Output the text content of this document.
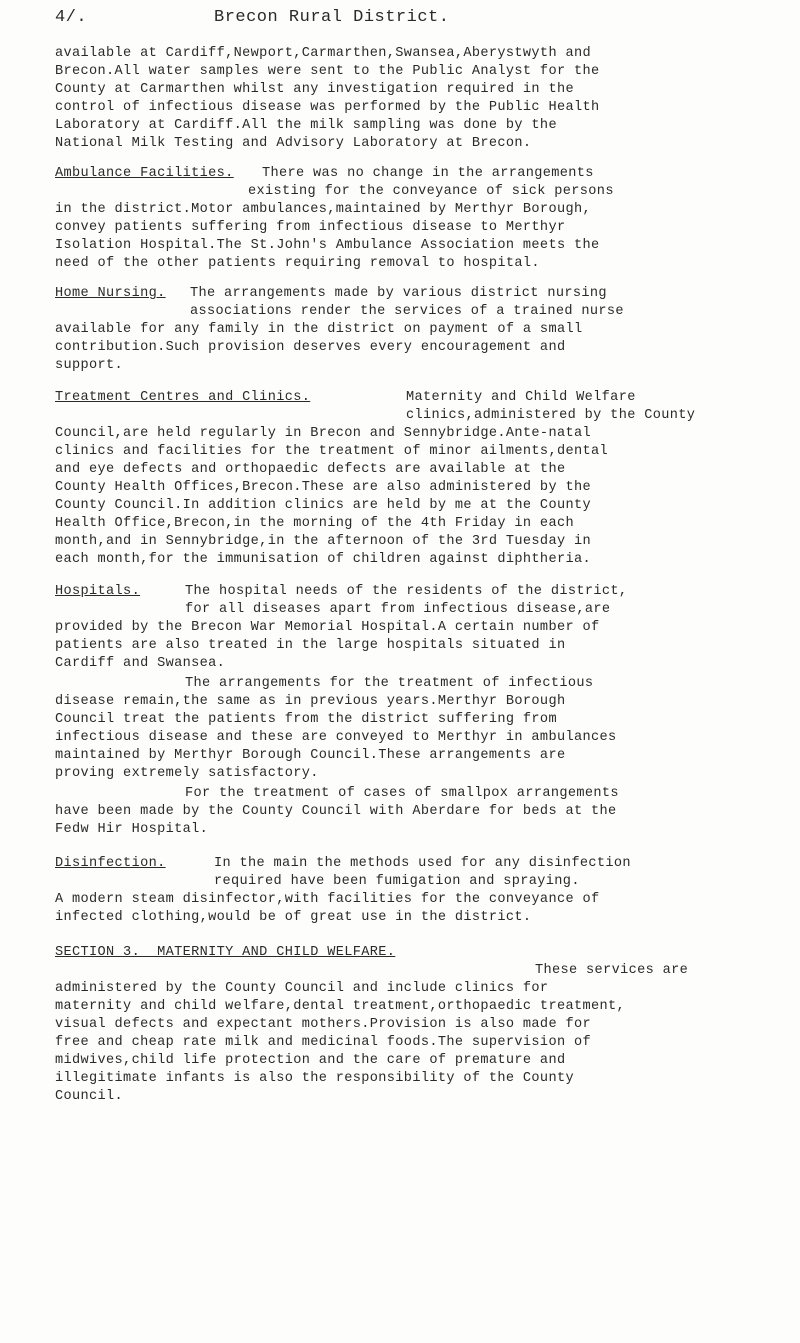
4/.	Brecon Rural District.
available at Cardiff,Newport,Carmarthen,Swansea,Aberystwyth and
Brecon.All water samples were sent to the Public Analyst for the
County at Carmarthen whilst any investigation required in the
control of infectious disease was performed by the Public Health
Laboratory at Cardiff.All the milk sampling was done by the
National Milk Testing and Advisory Laboratory at Brecon.
Ambulance Facilities. There was no change in the arrangements
existing for the conveyance of sick persons
in the district.Motor ambulances,maintained by Merthyr Borough,
convey patients suffering from infectious disease to Merthyr
Isolation Hospital.The St.John's Ambulance Association meets the
need of the other patients requiring removal to hospital.
Home Nursing. The arrangements made by various district nursing
associations render the services of a trained nurse
available for any family in the district on payment of a small
contribution.Such provision deserves every encouragement and
support.
Treatment Centres and Clinics.	Maternity and Child Welfare
clinics,administered by the County
Council,are held regularly in Brecon and Sennybridge.Ante-natal
clinics and facilities for the treatment of minor ailments,dental
and eye defects and orthopaedic defects are available at the
County Health Offices,Brecon.These are also administered by the
County Council.In addition clinics are held by me at the County
Health Office,Brecon,in the morning of the 4th Friday in each
month,and in Sennybridge,in the afternoon of the 3rd Tuesday in
each month,for the immunisation of children against diphtheria.
Hospitals.	The hospital needs of the residents of the district,
for all diseases apart from infectious disease,are
provided by the Brecon War Memorial Hospital.A certain number of
patients are also treated in the large hospitals situated in
Cardiff and Swansea.
The arrangements for the treatment of infectious
disease remain,the same as in previous years.Merthyr Borough
Council treat the patients from the district suffering from
infectious disease and these are conveyed to Merthyr in ambulances
maintained by Merthyr Borough Council.These arrangements are
proving extremely satisfactory.
For the treatment of cases of smallpox arrangements
have been made by the County Council with Aberdare for beds at the
Fedw Hir Hospital.
Disinfection.	In the main the methods used for any disinfection
required have been fumigation and spraying.
A modern steam disinfector,with facilities for the conveyance of
infected clothing,would be of great use in the district.
SECTION 3.  MATERNITY AND CHILD WELFARE.
These services are
administered by the County Council and include clinics for
maternity and child welfare,dental treatment,orthopaedic treatment,
visual defects and expectant mothers.Provision is also made for
free and cheap rate milk and medicinal foods.The supervision of
midwives,child life protection and the care of premature and
illegitimate infants is also the responsibility of the County
Council.
